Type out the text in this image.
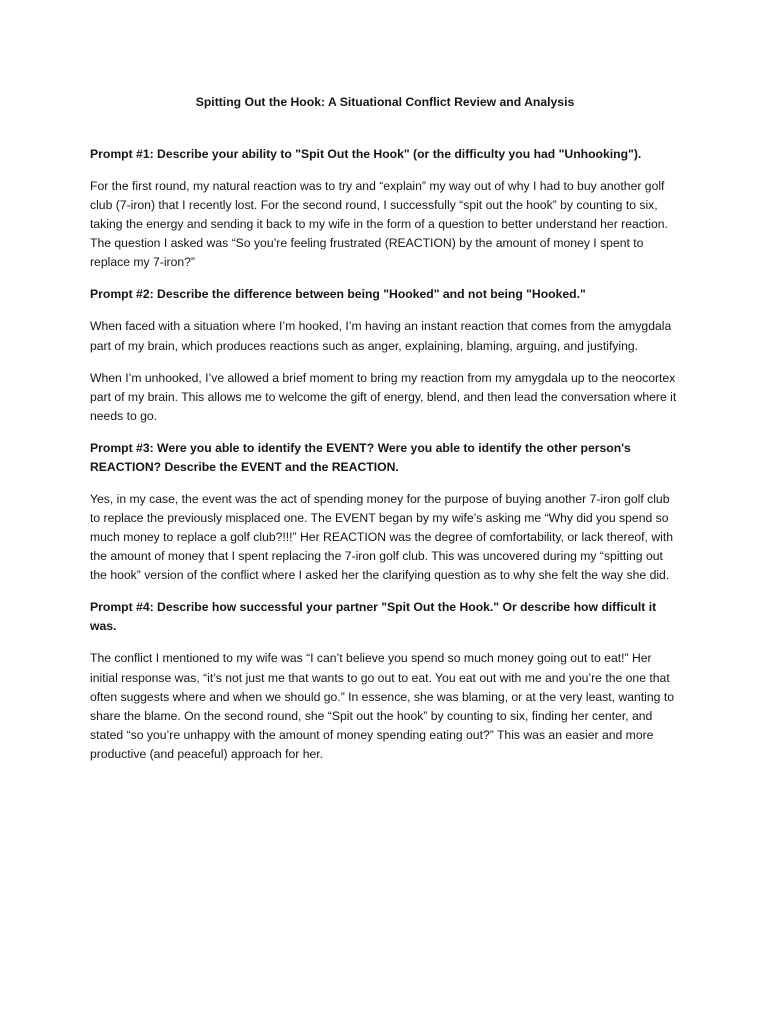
Spitting Out the Hook: A Situational Conflict Review and Analysis
Prompt #1: Describe your ability to "Spit Out the Hook" (or the difficulty you had "Unhooking").

For the first round, my natural reaction was to try and “explain” my way out of why I had to buy another golf club (7-iron) that I recently lost. For the second round, I successfully “spit out the hook” by counting to six, taking the energy and sending it back to my wife in the form of a question to better understand her reaction. The question I asked was “So you’re feeling frustrated (REACTION) by the amount of money I spent to replace my 7-iron?”

Prompt #2: Describe the difference between being "Hooked" and not being "Hooked."

When faced with a situation where I’m hooked, I’m having an instant reaction that comes from the amygdala part of my brain, which produces reactions such as anger, explaining, blaming, arguing, and justifying.

When I’m unhooked, I’ve allowed a brief moment to bring my reaction from my amygdala up to the neocortex part of my brain. This allows me to welcome the gift of energy, blend, and then lead the conversation where it needs to go.

Prompt #3: Were you able to identify the EVENT? Were you able to identify the other person's REACTION? Describe the EVENT and the REACTION.

Yes, in my case, the event was the act of spending money for the purpose of buying another 7-iron golf club to replace the previously misplaced one. The EVENT began by my wife’s asking me “Why did you spend so much money to replace a golf club?!!!” Her REACTION was the degree of comfortability, or lack thereof, with the amount of money that I spent replacing the 7-iron golf club. This was uncovered during my “spitting out the hook” version of the conflict where I asked her the clarifying question as to why she felt the way she did.

Prompt #4: Describe how successful your partner "Spit Out the Hook." Or describe how difficult it was.

The conflict I mentioned to my wife was “I can’t believe you spend so much money going out to eat!” Her initial response was, “it’s not just me that wants to go out to eat. You eat out with me and you’re the one that often suggests where and when we should go.” In essence, she was blaming, or at the very least, wanting to share the blame. On the second round, she “Spit out the hook” by counting to six, finding her center, and stated “so you’re unhappy with the amount of money spending eating out?” This was an easier and more productive (and peaceful) approach for her.
